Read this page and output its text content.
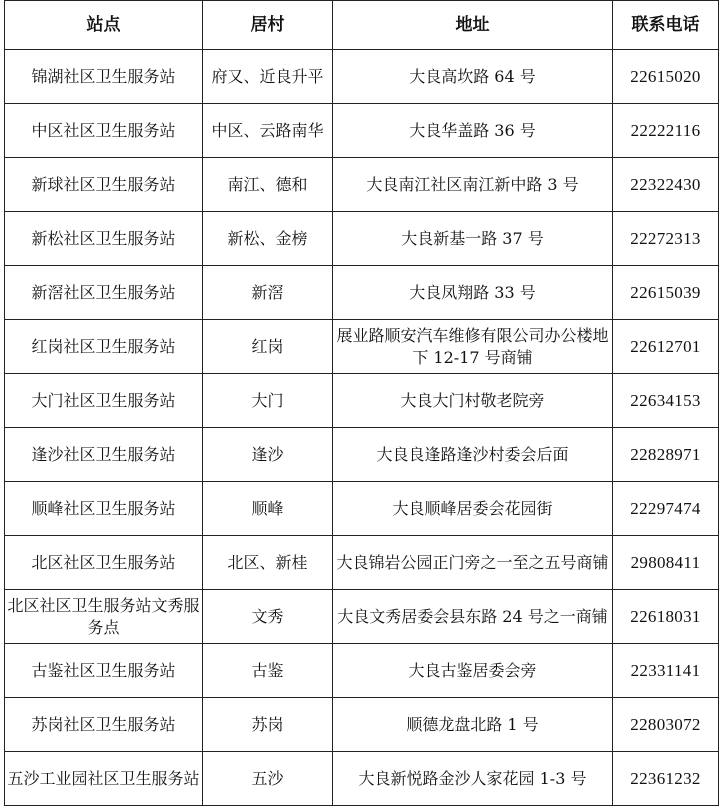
站点	居村	地址	联系电话
锦湖社区卫生服务站	府又、近良升平	大良高坎路 64 号	22615020
中区社区卫生服务站	中区、云路南华	大良华盖路 36 号	22222116
新球社区卫生服务站	南江、德和	大良南江社区南江新中路 3 号	22322430
新松社区卫生服务站	新松、金榜	大良新基一路 37 号	22272313
新滘社区卫生服务站	新滘	大良凤翔路 33 号	22615039
红岗社区卫生服务站	红岗	展业路顺安汽车维修有限公司办公楼地下 12-17 号商铺	22612701
大门社区卫生服务站	大门	大良大门村敬老院旁	22634153
逢沙社区卫生服务站	逢沙	大良良逢路逢沙村委会后面	22828971
顺峰社区卫生服务站	顺峰	大良顺峰居委会花园街	22297474
北区社区卫生服务站	北区、新桂	大良锦岩公园正门旁之一至之五号商铺	29808411
北区社区卫生服务站文秀服务点	文秀	大良文秀居委会县东路 24 号之一商铺	22618031
古鉴社区卫生服务站	古鉴	大良古鉴居委会旁	22331141
苏岗社区卫生服务站	苏岗	顺德龙盘北路 1 号	22803072
五沙工业园社区卫生服务站	五沙	大良新悦路金沙人家花园 1-3 号	22361232
